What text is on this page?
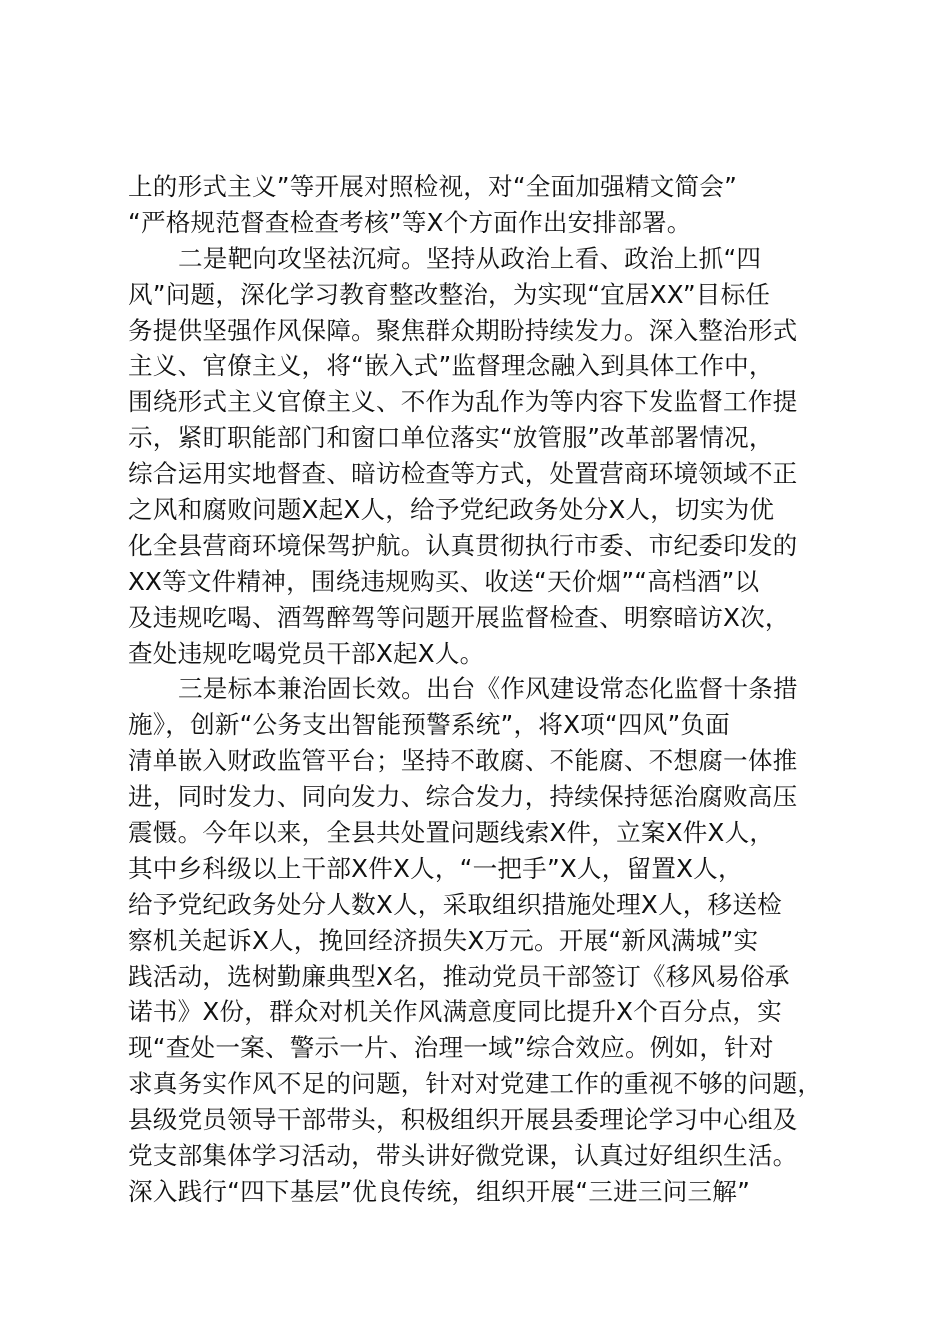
上的形式主义”等开展对照检视，对“全面加强精文简会”
“严格规范督查检查考核”等X个方面作出安排部署。
二是靶向攻坚祛沉疴。坚持从政治上看、政治上抓“四
风”问题，深化学习教育整改整治，为实现“宜居XX”目标任
务提供坚强作风保障。聚焦群众期盼持续发力。深入整治形式
主义、官僚主义，将“嵌入式”监督理念融入到具体工作中，
围绕形式主义官僚主义、不作为乱作为等内容下发监督工作提
示，紧盯职能部门和窗口单位落实“放管服”改革部署情况，
综合运用实地督查、暗访检查等方式，处置营商环境领域不正
之风和腐败问题X起X人，给予党纪政务处分X人，切实为优
化全县营商环境保驾护航。认真贯彻执行市委、市纪委印发的
XX等文件精神，围绕违规购买、收送“天价烟”“高档酒”以
及违规吃喝、酒驾醉驾等问题开展监督检查、明察暗访X次，
查处违规吃喝党员干部X起X人。
三是标本兼治固长效。出台《作风建设常态化监督十条措
施》，创新“公务支出智能预警系统”，将X项“四风”负面
清单嵌入财政监管平台；坚持不敢腐、不能腐、不想腐一体推
进，同时发力、同向发力、综合发力，持续保持惩治腐败高压
震慑。今年以来，全县共处置问题线索X件，立案X件X人，
其中乡科级以上干部X件X人，“一把手”X人，留置X人，
给予党纪政务处分人数X人，采取组织措施处理X人，移送检
察机关起诉X人，挽回经济损失X万元。开展“新风满城”实
践活动，选树勤廉典型X名，推动党员干部签订《移风易俗承
诺书》X份，群众对机关作风满意度同比提升X个百分点，实
现“查处一案、警示一片、治理一域”综合效应。例如，针对
求真务实作风不足的问题，针对对党建工作的重视不够的问题，
县级党员领导干部带头，积极组织开展县委理论学习中心组及
党支部集体学习活动，带头讲好微党课，认真过好组织生活。
深入践行“四下基层”优良传统，组织开展“三进三问三解”
